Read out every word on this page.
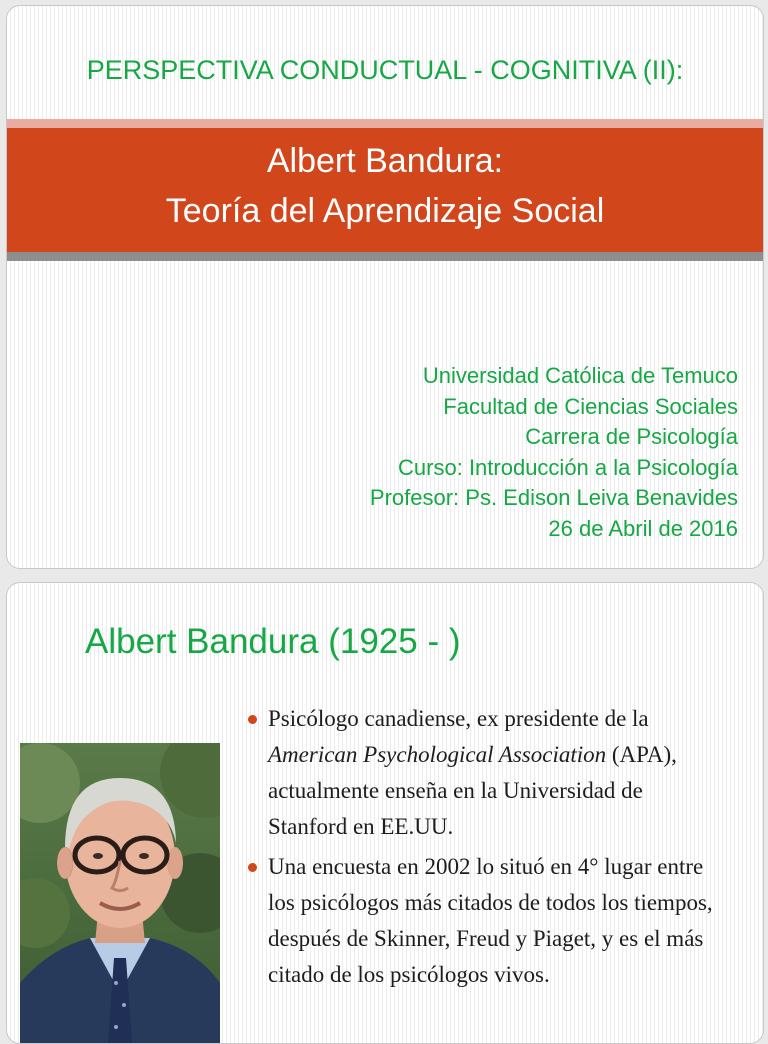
PERSPECTIVA CONDUCTUAL - COGNITIVA (II):
Albert Bandura:
Teoría del Aprendizaje Social
Universidad Católica de Temuco
Facultad de Ciencias Sociales
Carrera de Psicología
Curso: Introducción a la Psicología
Profesor: Ps. Edison Leiva Benavides
26 de Abril de 2016
Albert Bandura (1925 - )
Psicólogo canadiense, ex presidente de la American Psychological Association (APA), actualmente enseña en la Universidad de Stanford en EE.UU.
Una encuesta en 2002 lo situó en 4° lugar entre los psicólogos más citados de todos los tiempos, después de Skinner, Freud y Piaget, y es el más citado de los psicólogos vivos.
